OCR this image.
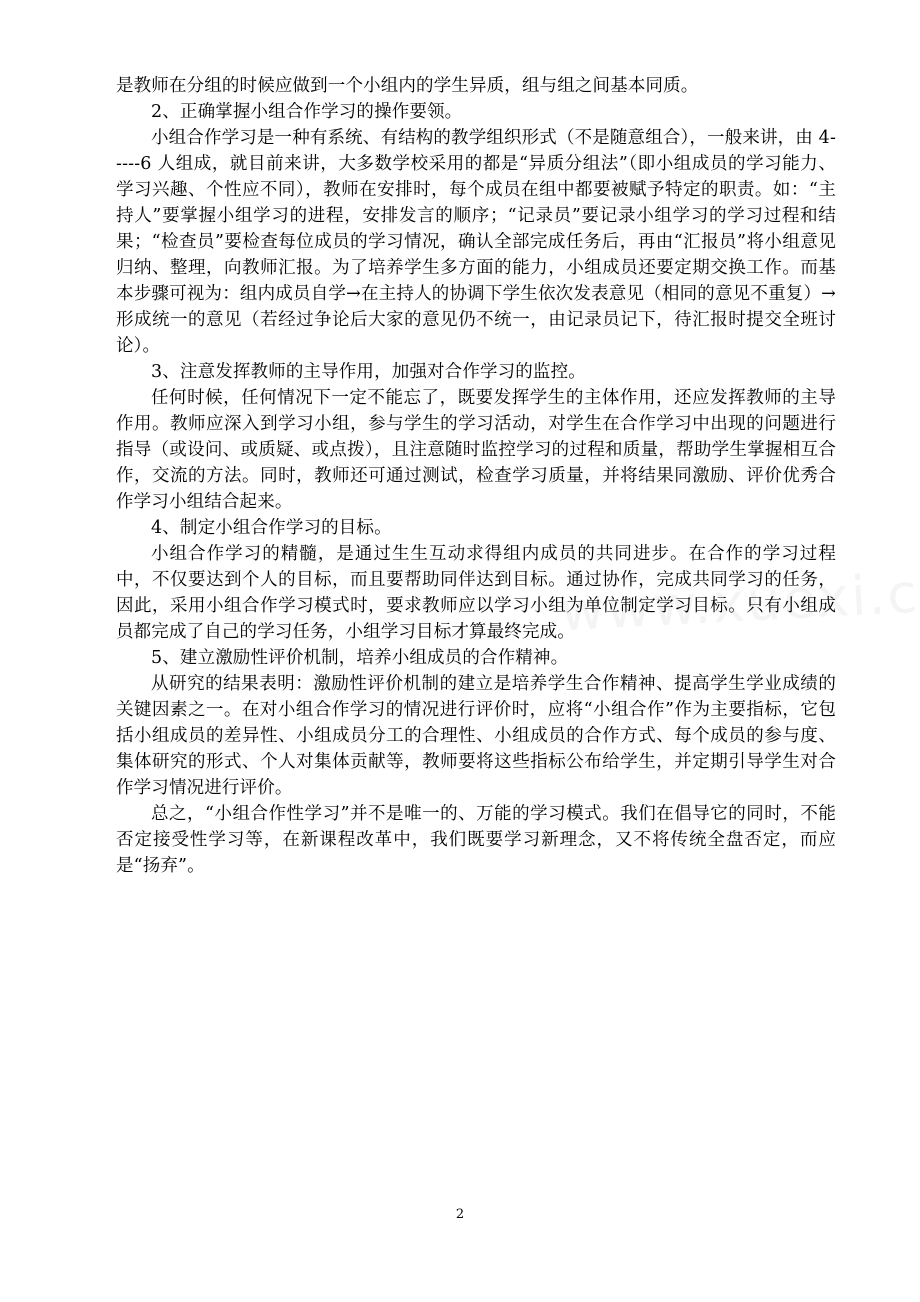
是教师在分组的时候应做到一个小组内的学生异质，组与组之间基本同质。

2、正确掌握小组合作学习的操作要领。

小组合作学习是一种有系统、有结构的教学组织形式（不是随意组合），一般来讲，由 4-----6 人组成，就目前来讲，大多数学校采用的都是“异质分组法”（即小组成员的学习能力、学习兴趣、个性应不同），教师在安排时，每个成员在组中都要被赋予特定的职责。如：“主持人”要掌握小组学习的进程，安排发言的顺序；“记录员”要记录小组学习的学习过程和结果；“检查员”要检查每位成员的学习情况，确认全部完成任务后，再由“汇报员”将小组意见归纳、整理，向教师汇报。为了培养学生多方面的能力，小组成员还要定期交换工作。而基本步骤可视为：组内成员自学→在主持人的协调下学生依次发表意见（相同的意见不重复）→ 形成统一的意见（若经过争论后大家的意见仍不统一，由记录员记下，待汇报时提交全班讨论）。

3、注意发挥教师的主导作用，加强对合作学习的监控。

任何时候，任何情况下一定不能忘了，既要发挥学生的主体作用，还应发挥教师的主导作用。教师应深入到学习小组，参与学生的学习活动，对学生在合作学习中出现的问题进行指导（或设问、或质疑、或点拨），且注意随时监控学习的过程和质量，帮助学生掌握相互合作，交流的方法。同时，教师还可通过测试，检查学习质量，并将结果同激励、评价优秀合作学习小组结合起来。

4、制定小组合作学习的目标。

小组合作学习的精髓，是通过生生互动求得组内成员的共同进步。在合作的学习过程中，不仅要达到个人的目标，而且要帮助同伴达到目标。通过协作，完成共同学习的任务，因此，采用小组合作学习模式时，要求教师应以学习小组为单位制定学习目标。只有小组成员都完成了自己的学习任务，小组学习目标才算最终完成。

5、建立激励性评价机制，培养小组成员的合作精神。

从研究的结果表明：激励性评价机制的建立是培养学生合作精神、提高学生学业成绩的关键因素之一。在对小组合作学习的情况进行评价时，应将“小组合作”作为主要指标，它包括小组成员的差异性、小组成员分工的合理性、小组成员的合作方式、每个成员的参与度、集体研究的形式、个人对集体贡献等，教师要将这些指标公布给学生，并定期引导学生对合作学习情况进行评价。

总之，“小组合作性学习”并不是唯一的、万能的学习模式。我们在倡导它的同时，不能否定接受性学习等，在新课程改革中，我们既要学习新理念，又不将传统全盘否定，而应是“扬弃”。

2
